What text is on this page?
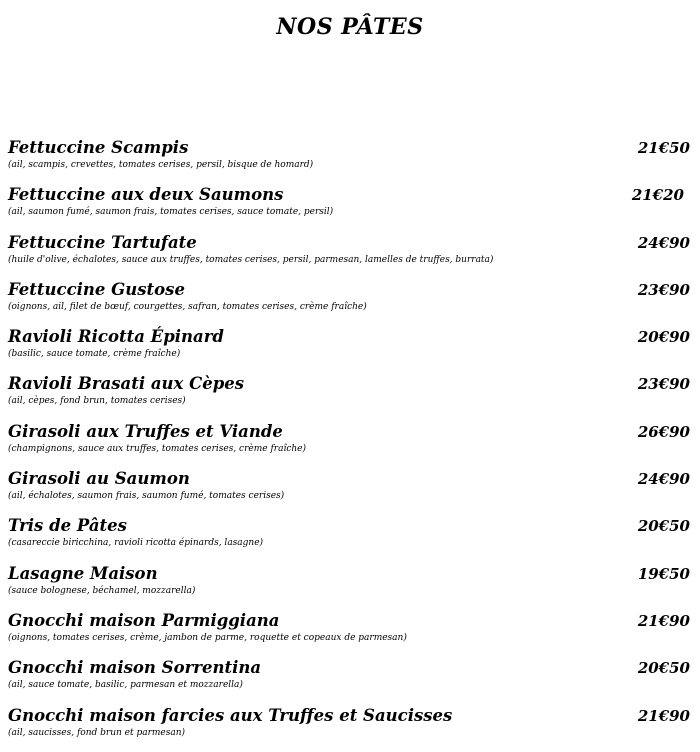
NOS PÂTES
Fettuccine Scampis	21€50
(ail, scampis, crevettes, tomates cerises, persil, bisque de homard)
Fettuccine aux deux Saumons	21€20
(ail, saumon fumé, saumon frais, tomates cerises, sauce tomate, persil)
Fettuccine Tartufate	24€90
(huile d'olive, échalotes, sauce aux truffes, tomates cerises, persil, parmesan, lamelles de truffes, burrata)
Fettuccine Gustose	23€90
(oignons, ail, filet de bœuf, courgettes, safran, tomates cerises, crème fraîche)
Ravioli Ricotta Épinard	20€90
(basilic, sauce tomate, crème fraîche)
Ravioli Brasati aux Cèpes	23€90
(ail, cèpes, fond brun, tomates cerises)
Girasoli aux Truffes et Viande	26€90
(champignons, sauce aux truffes, tomates cerises, crème fraîche)
Girasoli au Saumon	24€90
(ail, échalotes, saumon frais, saumon fumé, tomates cerises)
Tris de Pâtes	20€50
(casareccie biricchina, ravioli ricotta épinards, lasagne)
Lasagne Maison	19€50
(sauce bolognese, béchamel, mozzarella)
Gnocchi maison Parmiggiana	21€90
(oignons, tomates cerises, crème, jambon de parme, roquette et copeaux de parmesan)
Gnocchi maison Sorrentina	20€50
(ail, sauce tomate, basilic, parmesan et mozzarella)
Gnocchi maison farcies aux Truffes et Saucisses	21€90
(ail, saucisses, fond brun et parmesan)
